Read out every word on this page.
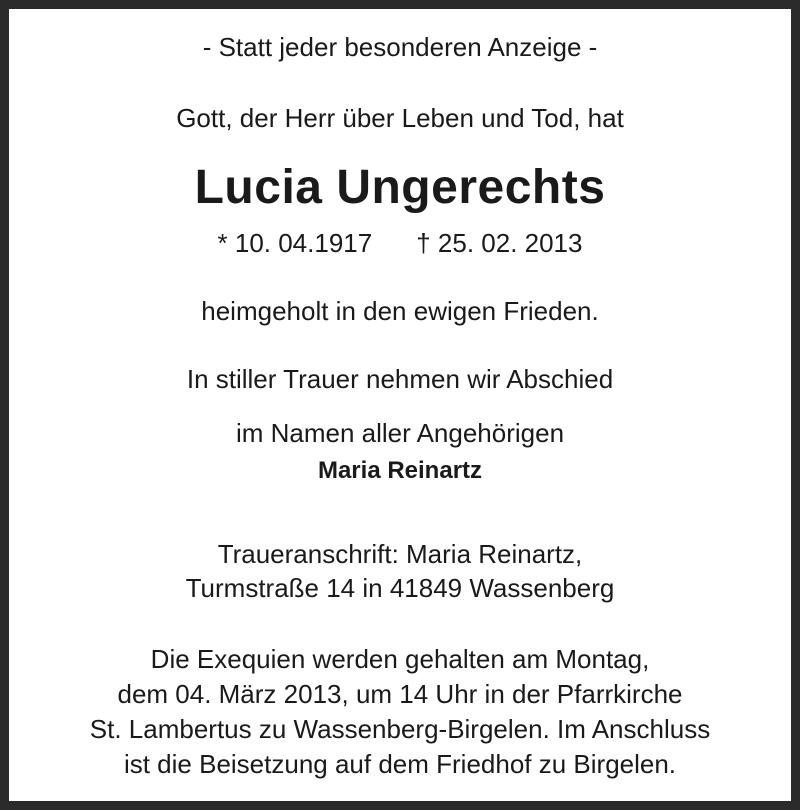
- Statt jeder besonderen Anzeige -
Gott, der Herr über Leben und Tod, hat
Lucia Ungerechts
* 10. 04.1917 † 25. 02. 2013
heimgeholt in den ewigen Frieden.
In stiller Trauer nehmen wir Abschied
im Namen aller Angehörigen
Maria Reinartz
Traueranschrift: Maria Reinartz,
Turmstraße 14 in 41849 Wassenberg
Die Exequien werden gehalten am Montag,
dem 04. März 2013, um 14 Uhr in der Pfarrkirche
St. Lambertus zu Wassenberg-Birgelen. Im Anschluss
ist die Beisetzung auf dem Friedhof zu Birgelen.
